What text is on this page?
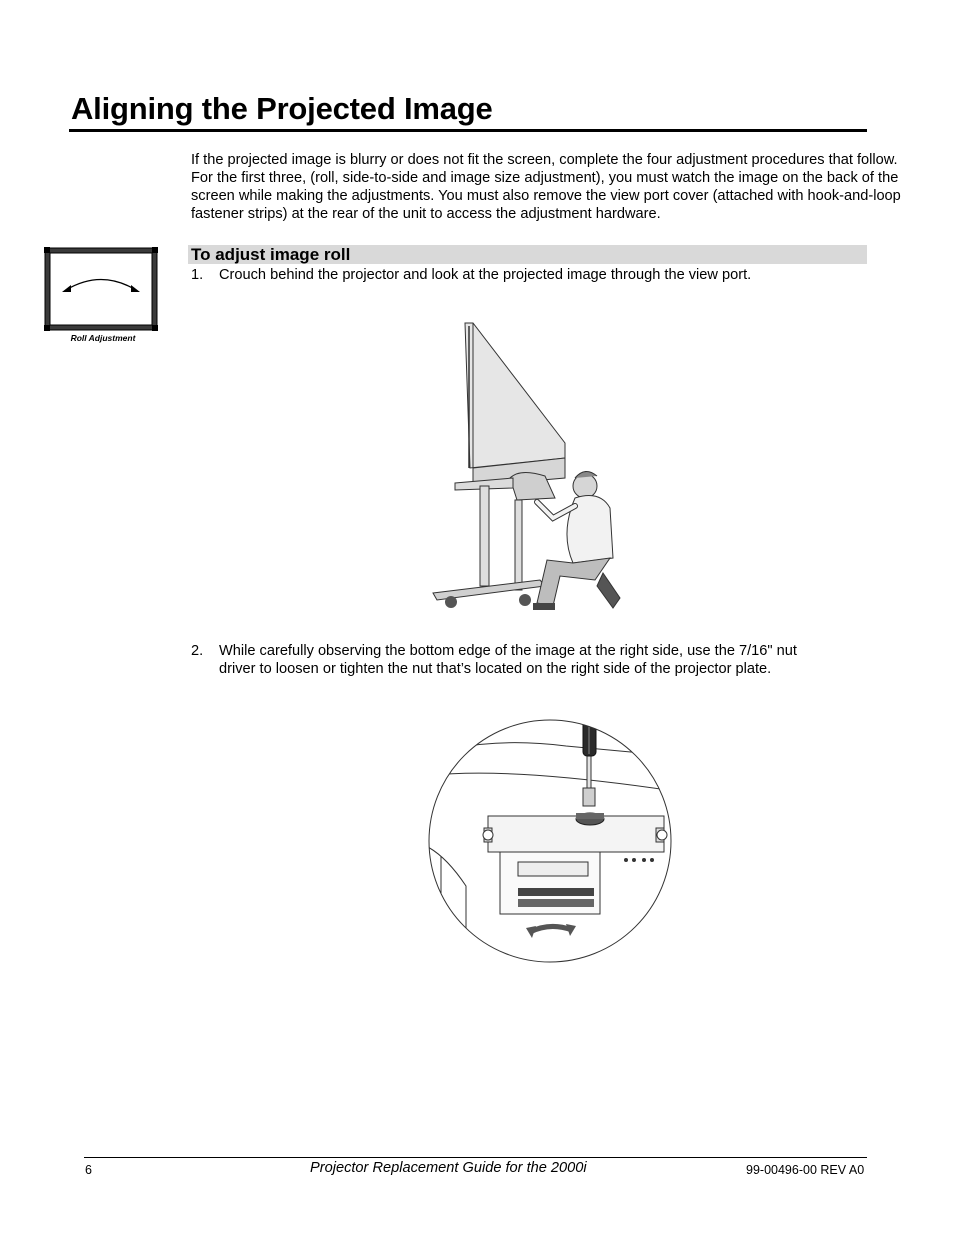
Aligning the Projected Image

If the projected image is blurry or does not fit the screen, complete the four adjustment procedures that follow. For the first three, (roll, side-to-side and image size adjustment), you must watch the image on the back of the screen while making the adjustments. You must also remove the view port cover (attached with hook-and-loop fastener strips) at the rear of the unit to access the adjustment hardware.

Roll Adjustment
To adjust image roll
1. Crouch behind the projector and look at the projected image through the view port.
2. While carefully observing the bottom edge of the image at the right side, use the 7/16" nut
driver to loosen or tighten the nut that’s located on the right side of the projector plate.
6	Projector Replacement Guide for the 2000i	99-00496-00 REV A0
